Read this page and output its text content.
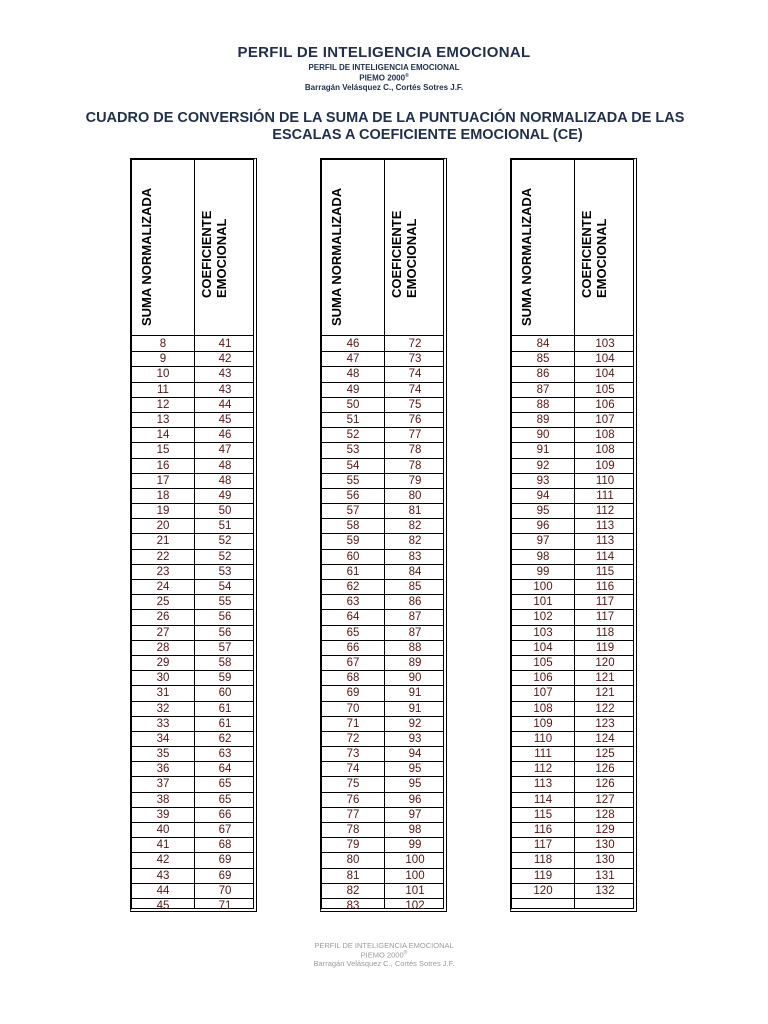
PERFIL DE INTELIGENCIA EMOCIONAL
PERFIL DE INTELIGENCIA EMOCIONAL
PIEMO 2000®
Barragán Velásquez C., Cortés Sotres J.F.
CUADRO DE CONVERSIÓN DE LA SUMA DE LA PUNTUACIÓN NORMALIZADA DE LAS
ESCALAS A COEFICIENTE EMOCIONAL (CE)
SUMA NORMALIZADA	COEFICIENTE EMOCIONAL
8	41
9	42
10	43
11	43
12	44
13	45
14	46
15	47
16	48
17	48
18	49
19	50
20	51
21	52
22	52
23	53
24	54
25	55
26	56
27	56
28	57
29	58
30	59
31	60
32	61
33	61
34	62
35	63
36	64
37	65
38	65
39	66
40	67
41	68
42	69
43	69
44	70
45	71
SUMA NORMALIZADA	COEFICIENTE EMOCIONAL
46	72
47	73
48	74
49	74
50	75
51	76
52	77
53	78
54	78
55	79
56	80
57	81
58	82
59	82
60	83
61	84
62	85
63	86
64	87
65	87
66	88
67	89
68	90
69	91
70	91
71	92
72	93
73	94
74	95
75	95
76	96
77	97
78	98
79	99
80	100
81	100
82	101
83	102
SUMA NORMALIZADA	COEFICIENTE EMOCIONAL
84	103
85	104
86	104
87	105
88	106
89	107
90	108
91	108
92	109
93	110
94	111
95	112
96	113
97	113
98	114
99	115
100	116
101	117
102	117
103	118
104	119
105	120
106	121
107	121
108	122
109	123
110	124
111	125
112	126
113	126
114	127
115	128
116	129
117	130
118	130
119	131
120	132
PERFIL DE INTELIGENCIA EMOCIONAL
PIEMO 2000®
Barragán Velásquez C., Cortés Sotres J.F.
